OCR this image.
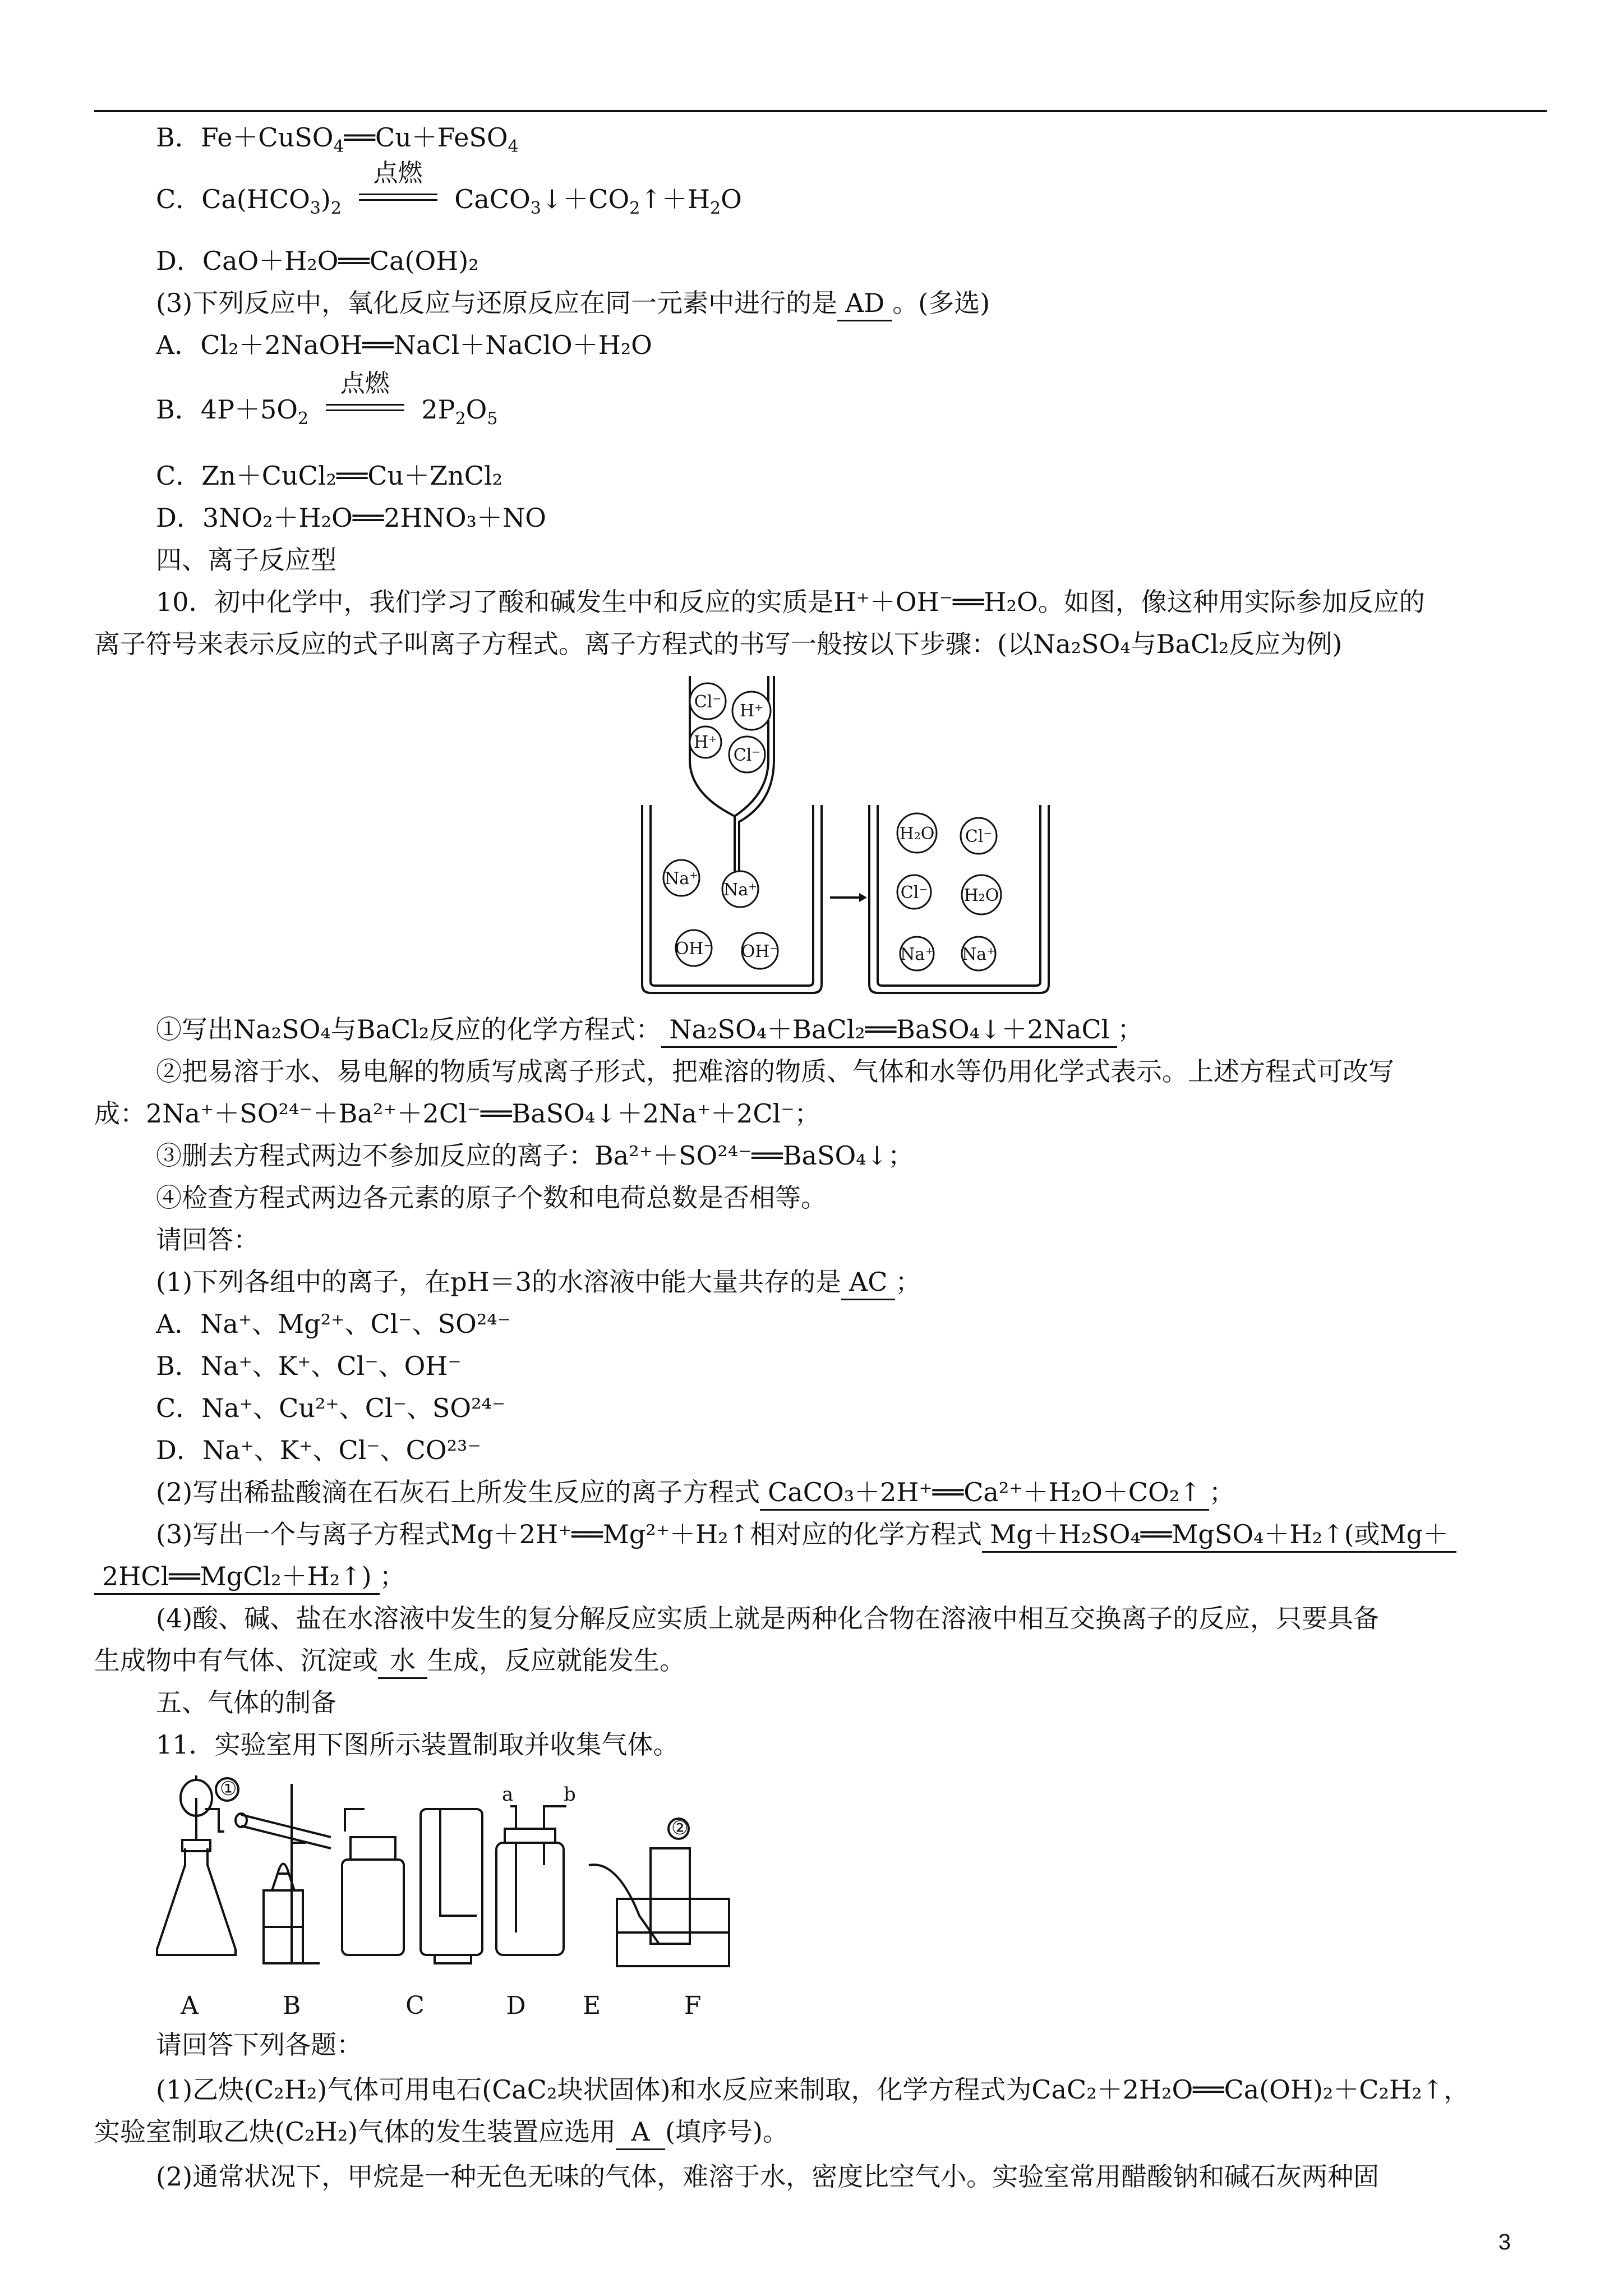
B．Fe＋CuSO$_4$══Cu＋FeSO$_4$
C．$Ca(HCO_3)_2$
点燃
$CaCO_3↓+CO_2↑+H_2O$
D．CaO＋H₂O══Ca(OH)₂
(3)下列反应中，氧化反应与还原反应在同一元素中进行的是 AD 。(多选)
A．Cl₂＋2NaOH══NaCl＋NaClO＋H₂O
B．$4P+5O_2$
点燃
$2P_2O_5$
C．Zn＋CuCl₂══Cu＋ZnCl₂
D．3NO₂＋H₂O══2HNO₃＋NO
四、离子反应型
10．初中化学中，我们学习了酸和碱发生中和反应的实质是H⁺＋OH⁻══H₂O。如图，像这种用实际参加反应的
离子符号来表示反应的式子叫离子方程式。离子方程式的书写一般按以下步骤：(以Na₂SO₄与BaCl₂反应为例)
Cl⁻ H⁺
H⁺
Cl⁻
Na⁺
Na⁺
OH⁻ OH⁻
H₂O Cl⁻
Cl⁻ H₂O
Na⁺ Na⁺
①写出Na₂SO₄与BaCl₂反应的化学方程式： Na₂SO₄＋BaCl₂══BaSO₄↓＋2NaCl ；
②把易溶于水、易电解的物质写成离子形式，把难溶的物质、气体和水等仍用化学式表示。上述方程式可改写
成：2Na⁺＋SO²⁴⁻＋Ba²⁺＋2Cl⁻══BaSO₄↓＋2Na⁺＋2Cl⁻；
③删去方程式两边不参加反应的离子：Ba²⁺＋SO²⁴⁻══BaSO₄↓；
④检查方程式两边各元素的原子个数和电荷总数是否相等。
请回答：
(1)下列各组中的离子，在pH＝3的水溶液中能大量共存的是 AC ；
A．Na⁺、Mg²⁺、Cl⁻、SO²⁴⁻
B．Na⁺、K⁺、Cl⁻、OH⁻
C．Na⁺、Cu²⁺、Cl⁻、SO²⁴⁻
D．Na⁺、K⁺、Cl⁻、CO²³⁻
(2)写出稀盐酸滴在石灰石上所发生反应的离子方程式 CaCO₃＋2H⁺══Ca²⁺＋H₂O＋CO₂↑ ；
(3)写出一个与离子方程式Mg＋2H⁺══Mg²⁺＋H₂↑相对应的化学方程式 Mg＋H₂SO₄══MgSO₄＋H₂↑(或Mg＋
2HCl══MgCl₂＋H₂↑) ；
(4)酸、碱、盐在水溶液中发生的复分解反应实质上就是两种化合物在溶液中相互交换离子的反应，只要具备
生成物中有气体、沉淀或 水 生成，反应就能发生。
五、气体的制备
11．实验室用下图所示装置制取并收集气体。
①
②
a	b
A	B	C	D E	F
请回答下列各题：
(1)乙炔(C₂H₂)气体可用电石(CaC₂块状固体)和水反应来制取，化学方程式为CaC₂＋2H₂O══Ca(OH)₂＋C₂H₂↑，
实验室制取乙炔(C₂H₂)气体的发生装置应选用 A (填序号)。
(2)通常状况下，甲烷是一种无色无味的气体，难溶于水，密度比空气小。实验室常用醋酸钠和碱石灰两种固
3
